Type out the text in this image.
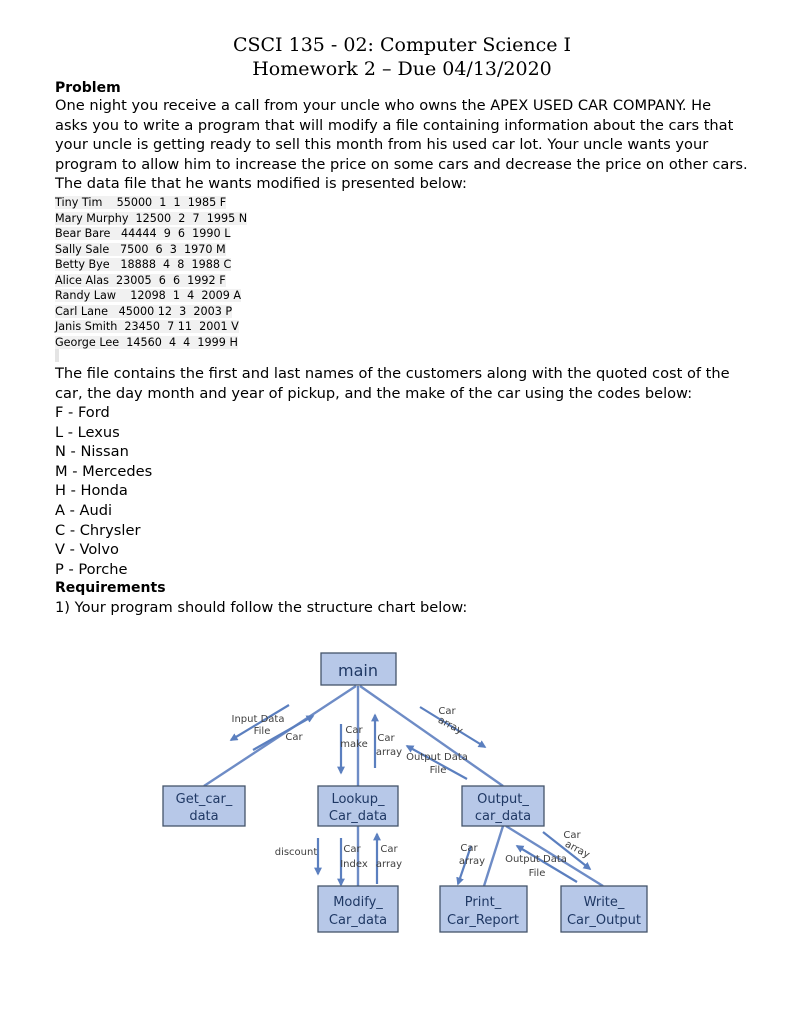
CSCI 135 - 02: Computer Science I
Homework 2 – Due 04/13/2020
Problem
One night you receive a call from your uncle who owns the APEX USED CAR COMPANY. He
asks you to write a program that will modify a file containing information about the cars that
your uncle is getting ready to sell this month from his used car lot. Your uncle wants your
program to allow him to increase the price on some cars and decrease the price on other cars.
The data file that he wants modified is presented below:
Tiny Tim    55000  1  1  1985 F
Mary Murphy  12500  2  7  1995 N
Bear Bare   44444  9  6  1990 L
Sally Sale   7500  6  3  1970 M
Betty Bye   18888  4  8  1988 C
Alice Alas  23005  6  6  1992 F
Randy Law    12098  1  4  2009 A
Carl Lane   45000 12  3  2003 P
Janis Smith  23450  7 11  2001 V
George Lee  14560  4  4  1999 H
The file contains the first and last names of the customers along with the quoted cost of the
car, the day month and year of pickup, and the make of the car using the codes below:
F - Ford
L - Lexus
N - Nissan
M - Mercedes
H - Honda
A - Audi
C - Chrysler
V - Volvo
P - Porche
Requirements
1) Your program should follow the structure chart below:
main
Get_car_
data
Lookup_
Car_data
Output_
car_data
Modify_
Car_data
Print_
Car_Report
Write_
Car_Output
Input Data
File
Car
Car
make
Car
array
Car
array
Output Data
File
discount	Car
Index
Car
array
Car
array
Car
array
Output Data
File
